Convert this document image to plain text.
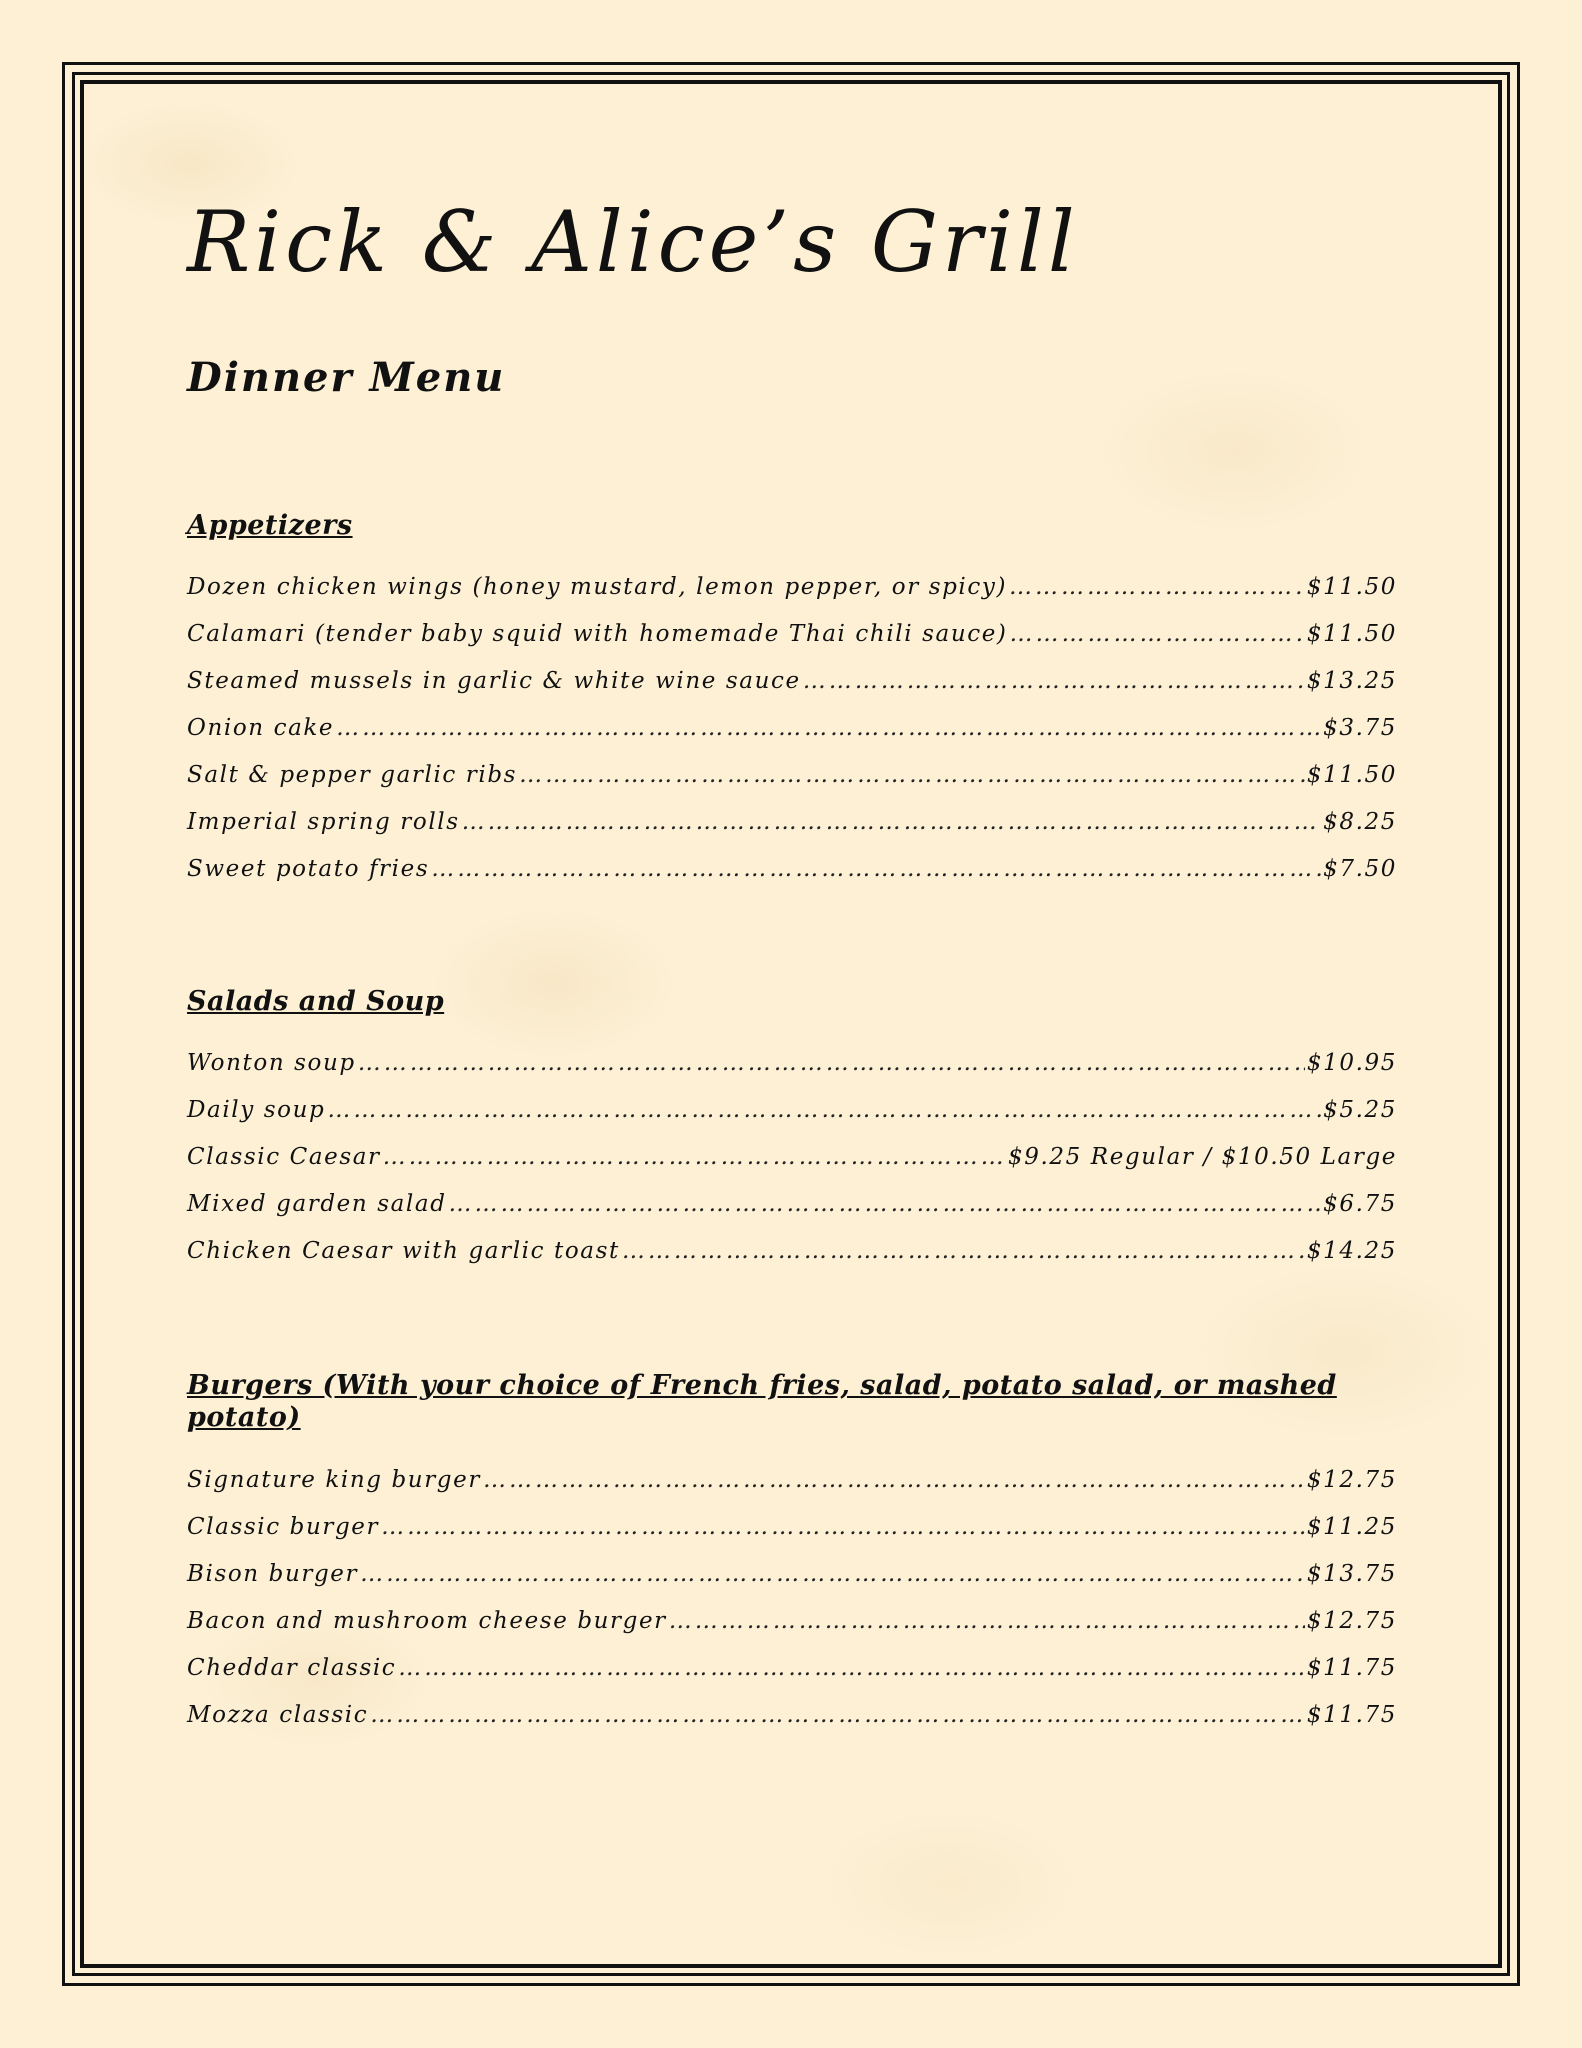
Rick & Alice’s Grill
Dinner Menu
Appetizers
Dozen chicken wings (honey mustard, lemon pepper, or spicy) …………………………………………………………………………………………………………………………………………………………………………………………………………………	$11.50
Calamari (tender baby squid with homemade Thai chili sauce) …………………………………………………………………………………………………………………………………………………………………………………………………………………	$11.50
Steamed mussels in garlic & white wine sauce …………………………………………………………………………………………………………………………………………………………………………………………………………………	$13.25
Onion cake …………………………………………………………………………………………………………………………………………………………………………………………………………………	$3.75
Salt & pepper garlic ribs …………………………………………………………………………………………………………………………………………………………………………………………………………………	$11.50
Imperial spring rolls …………………………………………………………………………………………………………………………………………………………………………………………………………………	$8.25
Sweet potato fries …………………………………………………………………………………………………………………………………………………………………………………………………………………	$7.50
Salads and Soup
Wonton soup …………………………………………………………………………………………………………………………………………………………………………………………………………………	$10.95
Daily soup …………………………………………………………………………………………………………………………………………………………………………………………………………………	$5.25
Classic Caesar …………………………………………………………………………………………………………………………………………………………………………………………………………………	$9.25 Regular / $10.50 Large
Mixed garden salad …………………………………………………………………………………………………………………………………………………………………………………………………………………	$6.75
Chicken Caesar with garlic toast …………………………………………………………………………………………………………………………………………………………………………………………………………………	$14.25
Burgers (With your choice of French fries, salad, potato salad, or mashed potato)
Signature king burger …………………………………………………………………………………………………………………………………………………………………………………………………………………	$12.75
Classic burger …………………………………………………………………………………………………………………………………………………………………………………………………………………	$11.25
Bison burger …………………………………………………………………………………………………………………………………………………………………………………………………………………	$13.75
Bacon and mushroom cheese burger …………………………………………………………………………………………………………………………………………………………………………………………………………………	$12.75
Cheddar classic …………………………………………………………………………………………………………………………………………………………………………………………………………………	$11.75
Mozza classic …………………………………………………………………………………………………………………………………………………………………………………………………………………	$11.75
